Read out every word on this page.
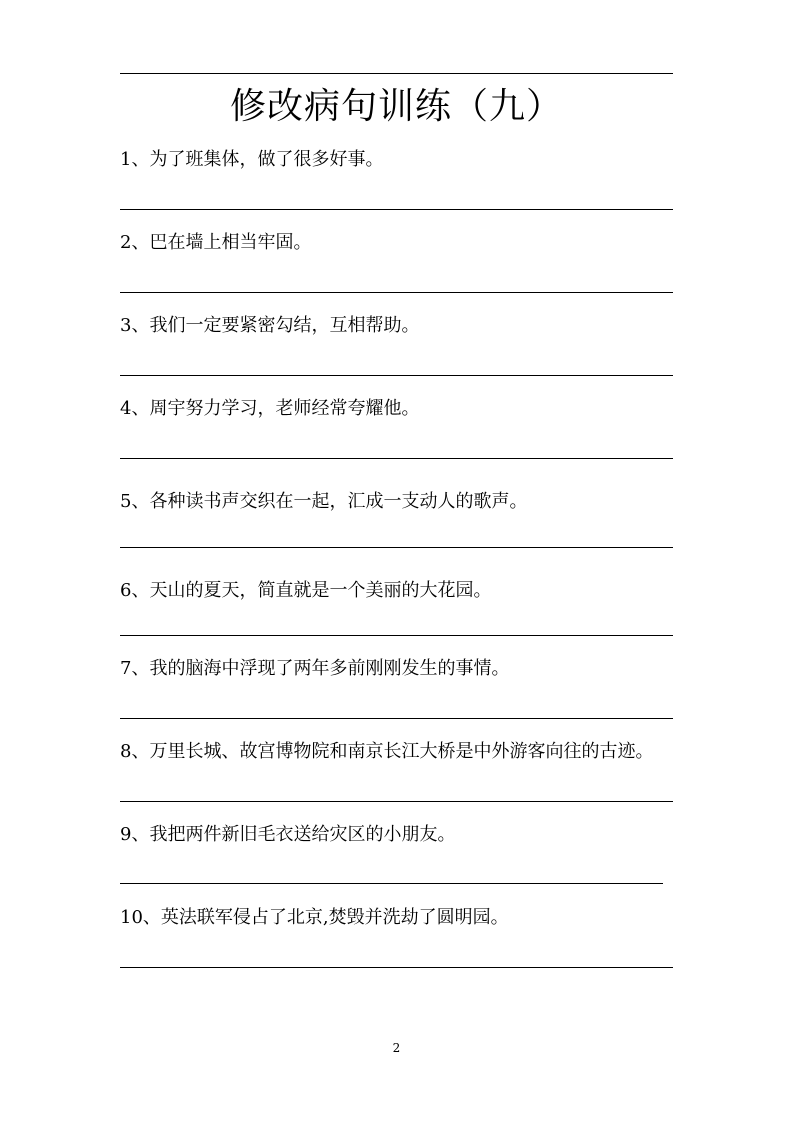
修改病句训练（九）
1、为了班集体，做了很多好事。
2、巴在墙上相当牢固。
3、我们一定要紧密勾结，互相帮助。
4、周宇努力学习，老师经常夸耀他。
5、各种读书声交织在一起，汇成一支动人的歌声。
6、天山的夏天，简直就是一个美丽的大花园。
7、我的脑海中浮现了两年多前刚刚发生的事情。
8、万里长城、故宫博物院和南京长江大桥是中外游客向往的古迹。
9、我把两件新旧毛衣送给灾区的小朋友。
10、英法联军侵占了北京,焚毁并洗劫了圆明园。
2
